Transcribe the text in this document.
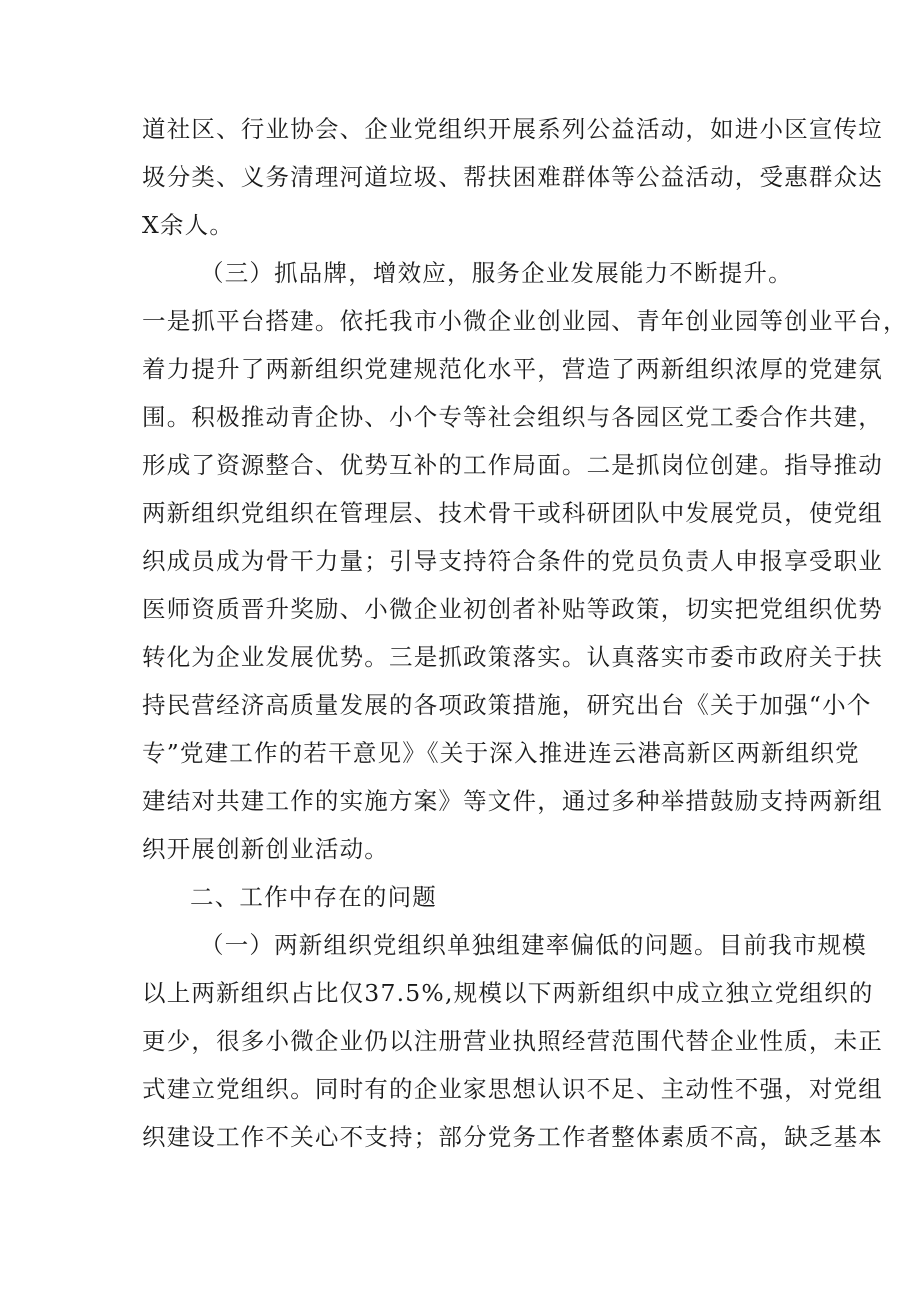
道社区、行业协会、企业党组织开展系列公益活动，如进小区宣传垃
圾分类、义务清理河道垃圾、帮扶困难群体等公益活动，受惠群众达
X余人。
（三）抓品牌，增效应，服务企业发展能力不断提升。
一是抓平台搭建。依托我市小微企业创业园、青年创业园等创业平台，
着力提升了两新组织党建规范化水平，营造了两新组织浓厚的党建氛
围。积极推动青企协、小个专等社会组织与各园区党工委合作共建，
形成了资源整合、优势互补的工作局面。二是抓岗位创建。指导推动
两新组织党组织在管理层、技术骨干或科研团队中发展党员，使党组
织成员成为骨干力量；引导支持符合条件的党员负责人申报享受职业
医师资质晋升奖励、小微企业初创者补贴等政策，切实把党组织优势
转化为企业发展优势。三是抓政策落实。认真落实市委市政府关于扶
持民营经济高质量发展的各项政策措施，研究出台《关于加强“小个
专”党建工作的若干意见》《关于深入推进连云港高新区两新组织党
建结对共建工作的实施方案》等文件，通过多种举措鼓励支持两新组
织开展创新创业活动。
二、工作中存在的问题
（一）两新组织党组织单独组建率偏低的问题。目前我市规模
以上两新组织占比仅37.5%,规模以下两新组织中成立独立党组织的
更少，很多小微企业仍以注册营业执照经营范围代替企业性质，未正
式建立党组织。同时有的企业家思想认识不足、主动性不强，对党组
织建设工作不关心不支持；部分党务工作者整体素质不高，缺乏基本
